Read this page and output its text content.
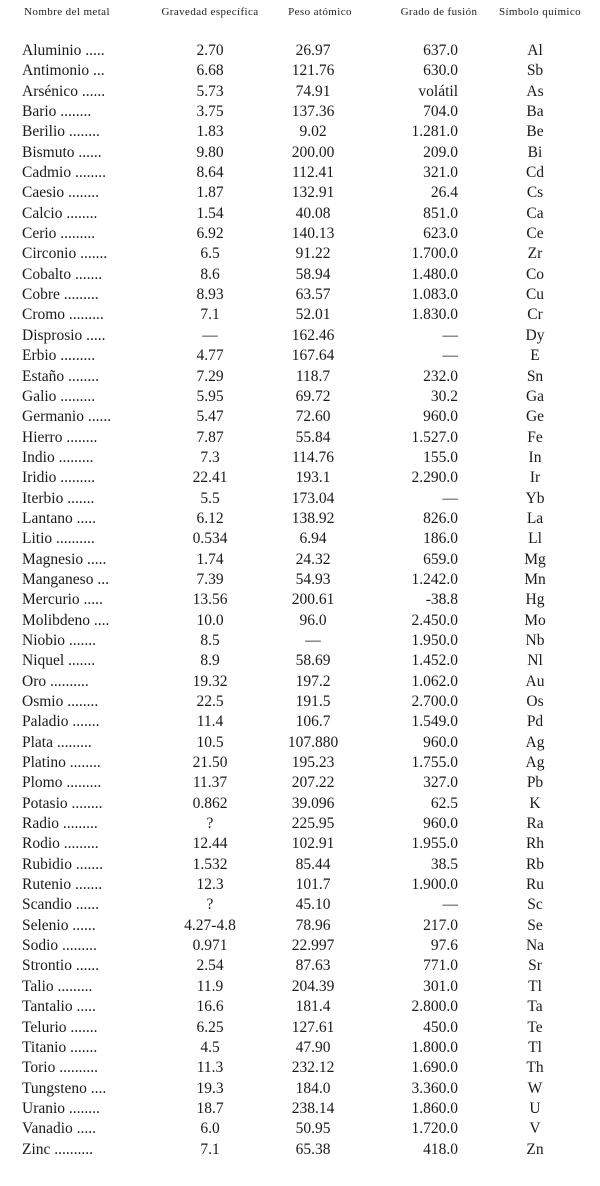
Nombre del metal	Gravedad específica	Peso atómico	Grado de fusión	Símbolo químico
Aluminio .....	2.70	26.97	637.0	Al
Antimonio ...	6.68	121.76	630.0	Sb
Arsénico ......	5.73	74.91	volátil	As
Bario ........	3.75	137.36	704.0	Ba
Berilio ........	1.83	9.02	1.281.0	Be
Bismuto ......	9.80	200.00	209.0	Bi
Cadmio ........	8.64	112.41	321.0	Cd
Caesio ........	1.87	132.91	26.4	Cs
Calcio ........	1.54	40.08	851.0	Ca
Cerio .........	6.92	140.13	623.0	Ce
Circonio .......	6.5	91.22	1.700.0	Zr
Cobalto .......	8.6	58.94	1.480.0	Co
Cobre .........	8.93	63.57	1.083.0	Cu
Cromo .........	7.1	52.01	1.830.0	Cr
Disprosio .....	—	162.46	—	Dy
Erbio .........	4.77	167.64	—	E
Estaño ........	7.29	118.7	232.0	Sn
Galio .........	5.95	69.72	30.2	Ga
Germanio ......	5.47	72.60	960.0	Ge
Hierro ........	7.87	55.84	1.527.0	Fe
Indio .........	7.3	114.76	155.0	In
Iridio .........	22.41	193.1	2.290.0	Ir
Iterbio .......	5.5	173.04	—	Yb
Lantano .....	6.12	138.92	826.0	La
Litio ..........	0.534	6.94	186.0	Ll
Magnesio .....	1.74	24.32	659.0	Mg
Manganeso ...	7.39	54.93	1.242.0	Mn
Mercurio .....	13.56	200.61	-38.8	Hg
Molibdeno ....	10.0	96.0	2.450.0	Mo
Niobio .......	8.5	—	1.950.0	Nb
Niquel .......	8.9	58.69	1.452.0	Nl
Oro ..........	19.32	197.2	1.062.0	Au
Osmio ........	22.5	191.5	2.700.0	Os
Paladio .......	11.4	106.7	1.549.0	Pd
Plata .........	10.5	107.880	960.0	Ag
Platino ........	21.50	195.23	1.755.0	Ag
Plomo .........	11.37	207.22	327.0	Pb
Potasio ........	0.862	39.096	62.5	K
Radio .........	?	225.95	960.0	Ra
Rodio .........	12.44	102.91	1.955.0	Rh
Rubidio .......	1.532	85.44	38.5	Rb
Rutenio .......	12.3	101.7	1.900.0	Ru
Scandio ......	?	45.10	—	Sc
Selenio ......	4.27-4.8	78.96	217.0	Se
Sodio .........	0.971	22.997	97.6	Na
Strontio ......	2.54	87.63	771.0	Sr
Talio .........	11.9	204.39	301.0	Tl
Tantalio .....	16.6	181.4	2.800.0	Ta
Telurio .......	6.25	127.61	450.0	Te
Titanio .......	4.5	47.90	1.800.0	Tl
Torio ..........	11.3	232.12	1.690.0	Th
Tungsteno ....	19.3	184.0	3.360.0	W
Uranio ........	18.7	238.14	1.860.0	U
Vanadio .....	6.0	50.95	1.720.0	V
Zinc ..........	7.1	65.38	418.0	Zn
